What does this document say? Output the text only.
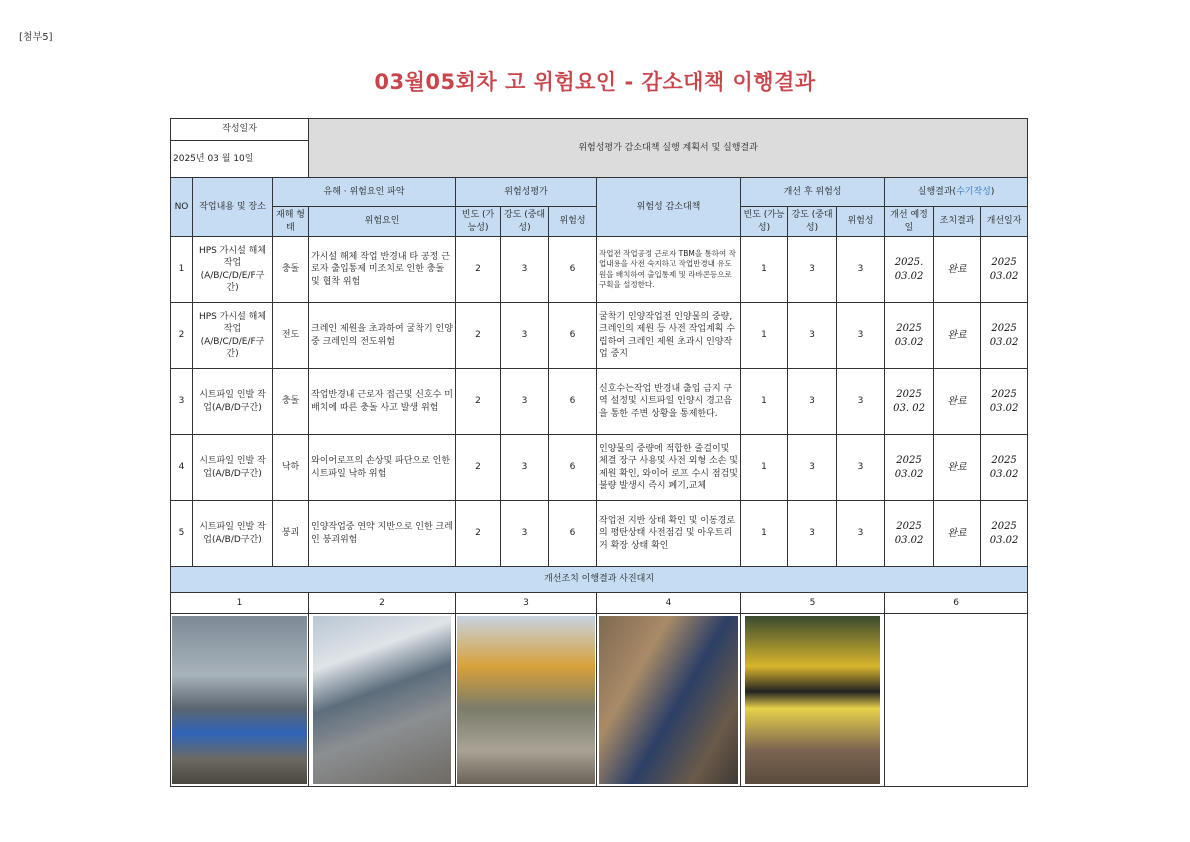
[첨부5]
03월05회차 고 위험요인 - 감소대책 이행결과
작성일자			위험성평가 감소대책 실행 계획서 및 실행결과										
2025년 03 월 10일													
NO	작업내용 및 장소	유해 · 위험요인 파악		위험성평가			위험성 감소대책	개선 후 위험성			실행결과(수기작성)		
		재해 형태	위험요인	빈도 (가능성)	강도 (중대성)	위험성		빈도 (가능성)	강도 (중대성)	위험성	개선 예정일	조치결과	개선일자
1	HPS 가시설 해체 작업 (A/B/C/D/E/F구간)	충돌	가시설 해체 작업 반경내 타 공정 근로자 출입통제 미조치로 인한 충돌 및 협착 위험	2	3	6	작업전 작업공정 근로자 TBM을 통하여 작업내용을 사전 숙지하고 작업반경내 유도원을 배치하여 출입통제 및 라바콘등으로 구획을 설정한다.	1	3	3	2025. 03.02	완료	2025 03.02
2	HPS 가시설 해체 작업 (A/B/C/D/E/F구간)	전도	크레인 제원을 초과하여 굴착기 인양중 크레인의 전도위험	2	3	6	굴착기 인양작업전 인양물의 중량, 크레인의 제원 등 사전 작업계획 수립하여 크레인 제원 초과시 인양작업 중지	1	3	3	2025 03.02	완료	2025 03.02
3	시트파일 인발 작업(A/B/D구간)	충돌	작업반경내 근로자 접근및 신호수 미배치에 따른 충돌 사고 발생 위험	2	3	6	신호수는작업 반경내 출입 금지 구역 설정및 시트파일 인양시 경고음을 통한 주변 상황을 통제한다.	1	3	3	2025 03. 02	완료	2025 03.02
4	시트파일 인발 작업(A/B/D구간)	낙하	와이어로프의 손상및 파단으로 인한 시트파일 낙하 위험	2	3	6	인양물의 중량에 적합한 줄걸이및 체결 장구 사용및 사전 외형 소손 및 제원 확인, 와이어 로프 수시 점검및 불량 발생시 즉시 폐기,교체	1	3	3	2025 03.02	완료	2025 03.02
5	시트파일 인발 작업(A/B/D구간)	붕괴	인양작업중 연약 지반으로 인한 크레인 붕괴위험	2	3	6	작업전 지반 상태 확인 및 이동경로의 평탄상태 사전점검 및 아우트리거 확장 상태 확인	1	3	3	2025 03.02	완료	2025 03.02
개선조치 이행결과 사진대지													
1			2	3			4	5			6		
